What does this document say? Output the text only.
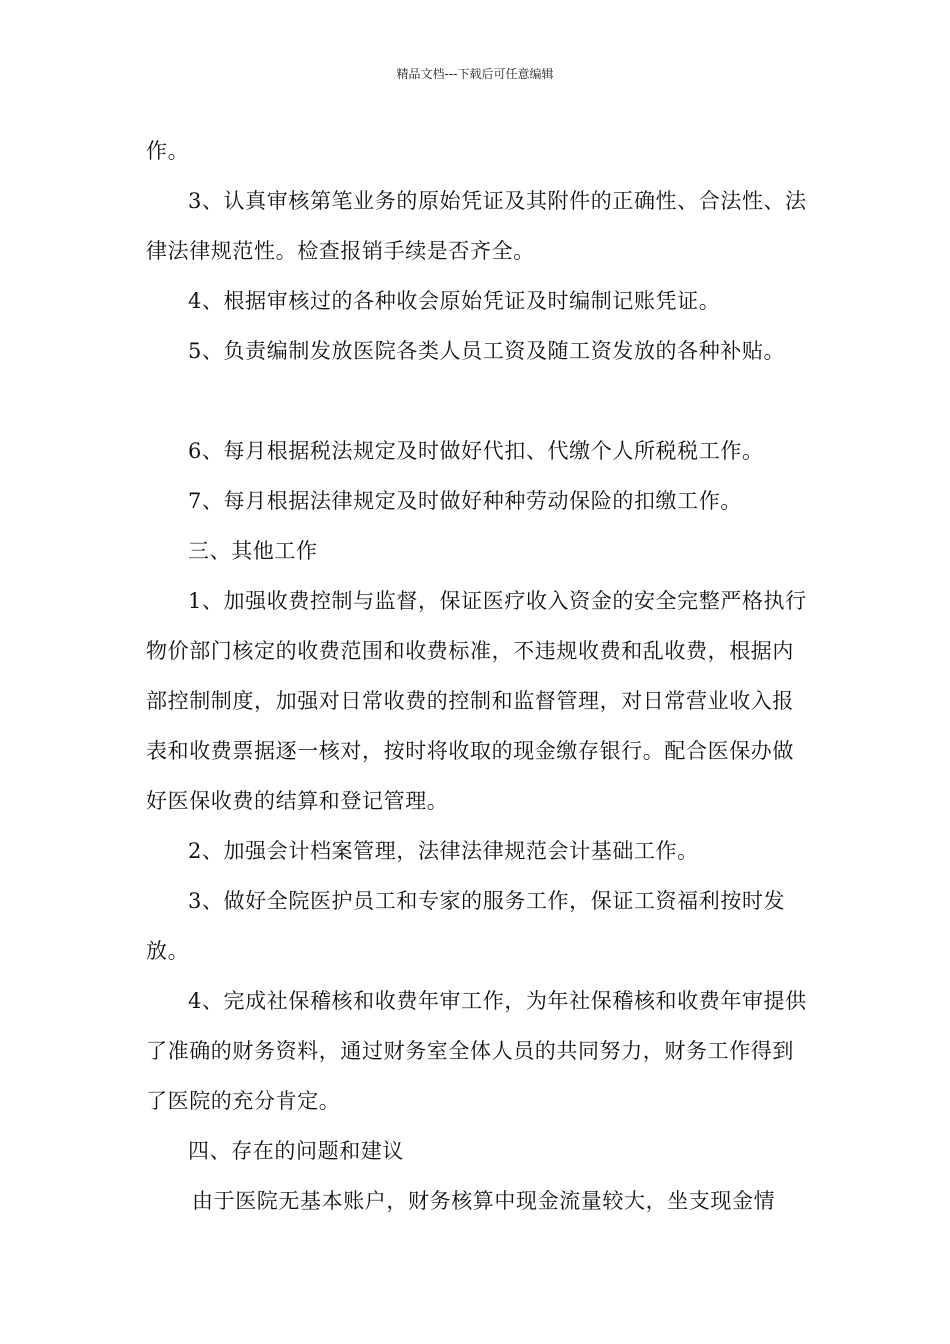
精品文档---下载后可任意编辑

作。

3、认真审核第笔业务的原始凭证及其附件的正确性、合法性、法律法律规范性。检查报销手续是否齐全。

4、根据审核过的各种收会原始凭证及时编制记账凭证。

5、负责编制发放医院各类人员工资及随工资发放的各种补贴。

6、每月根据税法规定及时做好代扣、代缴个人所税税工作。

7、每月根据法律规定及时做好种种劳动保险的扣缴工作。

三、其他工作

1、加强收费控制与监督，保证医疗收入资金的安全完整严格执行物价部门核定的收费范围和收费标准，不违规收费和乱收费，根据内部控制制度，加强对日常收费的控制和监督管理，对日常营业收入报表和收费票据逐一核对，按时将收取的现金缴存银行。配合医保办做好医保收费的结算和登记管理。

2、加强会计档案管理，法律法律规范会计基础工作。

3、做好全院医护员工和专家的服务工作，保证工资福利按时发放。

4、完成社保稽核和收费年审工作，为年社保稽核和收费年审提供了准确的财务资料，通过财务室全体人员的共同努力，财务工作得到了医院的充分肯定。

四、存在的问题和建议

由于医院无基本账户，财务核算中现金流量较大，坐支现金情
